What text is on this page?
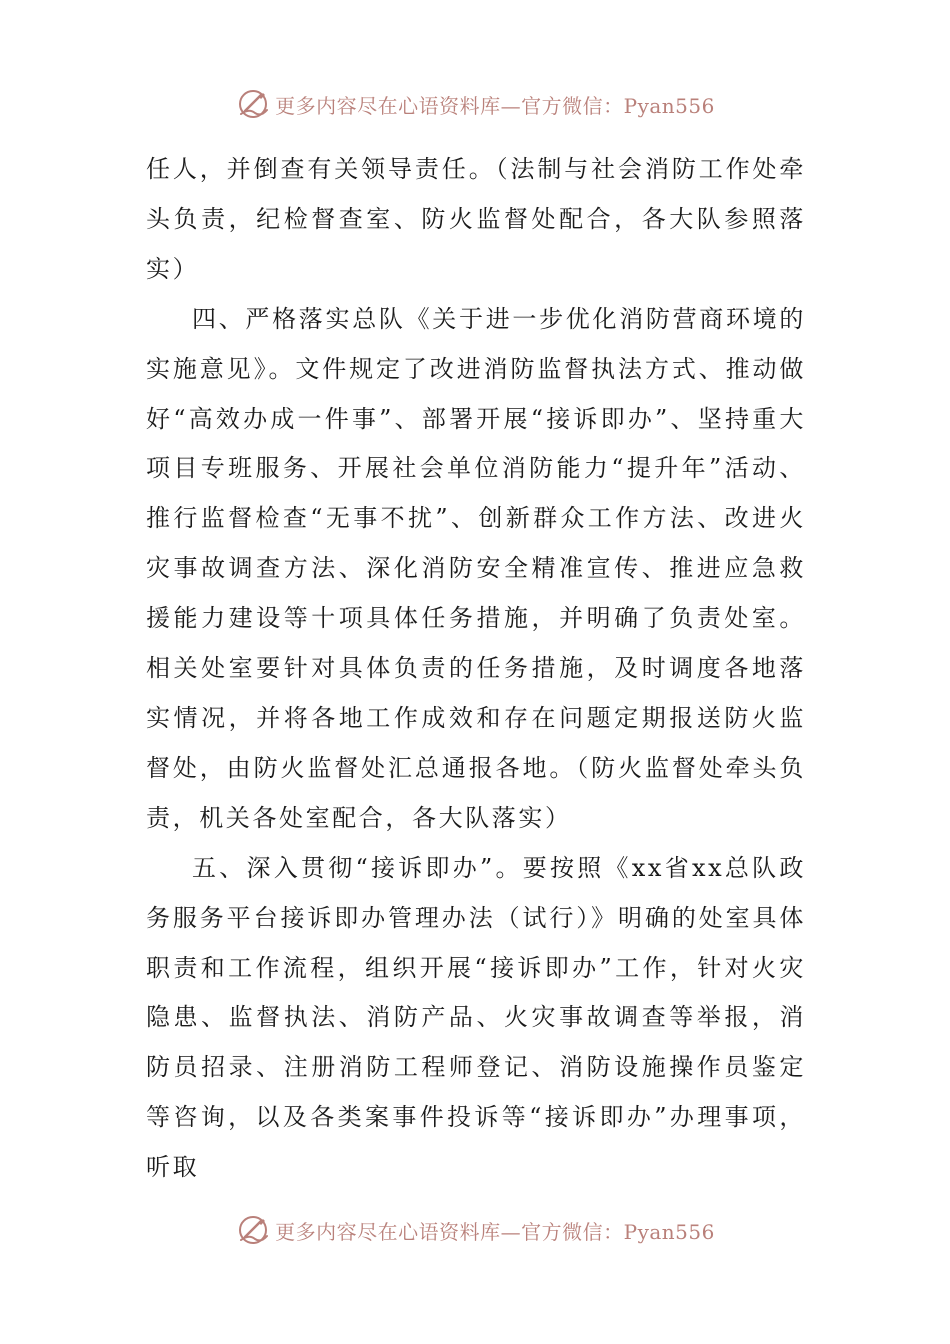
更多内容尽在心语资料库— 官方微信：Pyan556

任人，并倒查有关领导责任。（法制与社会消防工作处牵头负责，纪检督查室、防火监督处配合，各大队参照落实）

四、严格落实总队《关于进一步优化消防营商环境的实施意见》。文件规定了改进消防监督执法方式、推动做好“高效办成一件事”、部署开展“接诉即办”、坚持重大项目专班服务、开展社会单位消防能力“提升年”活动、推行监督检查“无事不扰”、创新群众工作方法、改进火灾事故调查方法、深化消防安全精准宣传、推进应急救援能力建设等十项具体任务措施，并明确了负责处室。相关处室要针对具体负责的任务措施，及时调度各地落实情况，并将各地工作成效和存在问题定期报送防火监督处，由防火监督处汇总通报各地。（防火监督处牵头负责，机关各处室配合，各大队落实）

五、深入贯彻“接诉即办”。要按照《xx省xx总队政务服务平台接诉即办管理办法（试行）》明确的处室具体职责和工作流程，组织开展“接诉即办”工作，针对火灾隐患、监督执法、消防产品、火灾事故调查等举报，消防员招录、注册消防工程师登记、消防设施操作员鉴定等咨询，以及各类案事件投诉等“接诉即办”办理事项，听取

更多内容尽在心语资料库— 官方微信：Pyan556
